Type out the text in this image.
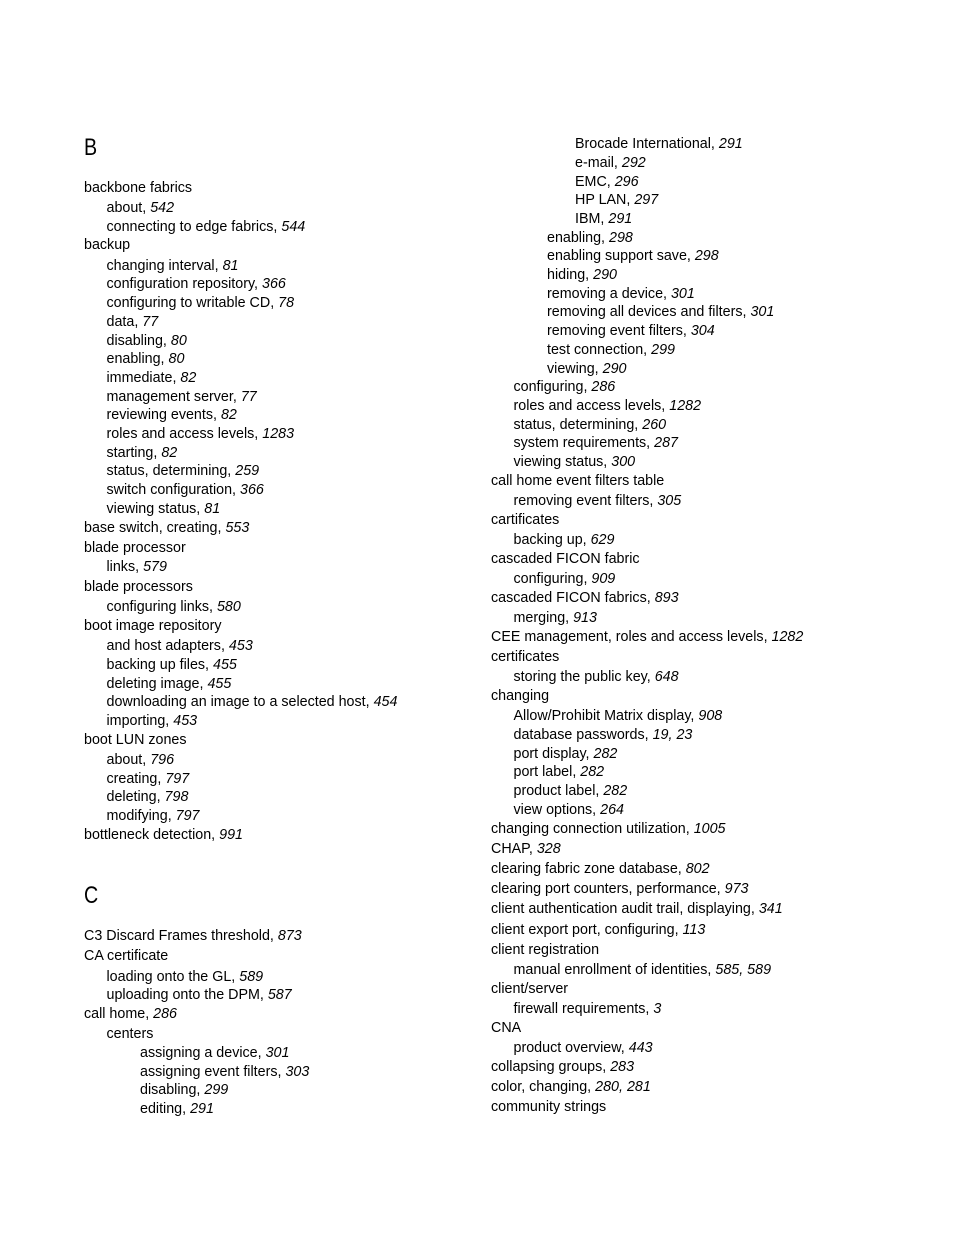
B
backbone fabrics
about, 542
connecting to edge fabrics, 544
backup
changing interval, 81
configuration repository, 366
configuring to writable CD, 78
data, 77
disabling, 80
enabling, 80
immediate, 82
management server, 77
reviewing events, 82
roles and access levels, 1283
starting, 82
status, determining, 259
switch configuration, 366
viewing status, 81
base switch, creating, 553
blade processor
links, 579
blade processors
configuring links, 580
boot image repository
and host adapters, 453
backing up files, 455
deleting image, 455
downloading an image to a selected host, 454
importing, 453
boot LUN zones
about, 796
creating, 797
deleting, 798
modifying, 797
bottleneck detection, 991
C
C3 Discard Frames threshold, 873
CA certificate
loading onto the GL, 589
uploading onto the DPM, 587
call home, 286
centers
assigning a device, 301
assigning event filters, 303
disabling, 299
editing, 291
Brocade International, 291
e-mail, 292
EMC, 296
HP LAN, 297
IBM, 291
enabling, 298
enabling support save, 298
hiding, 290
removing a device, 301
removing all devices and filters, 301
removing event filters, 304
test connection, 299
viewing, 290
configuring, 286
roles and access levels, 1282
status, determining, 260
system requirements, 287
viewing status, 300
call home event filters table
removing event filters, 305
cartificates
backing up, 629
cascaded FICON fabric
configuring, 909
cascaded FICON fabrics, 893
merging, 913
CEE management, roles and access levels, 1282
certificates
storing the public key, 648
changing
Allow/Prohibit Matrix display, 908
database passwords, 19, 23
port display, 282
port label, 282
product label, 282
view options, 264
changing connection utilization, 1005
CHAP, 328
clearing fabric zone database, 802
clearing port counters, performance, 973
client authentication audit trail, displaying, 341
client export port, configuring, 113
client registration
manual enrollment of identities, 585, 589
client/server
firewall requirements, 3
CNA
product overview, 443
collapsing groups, 283
color, changing, 280, 281
community strings
